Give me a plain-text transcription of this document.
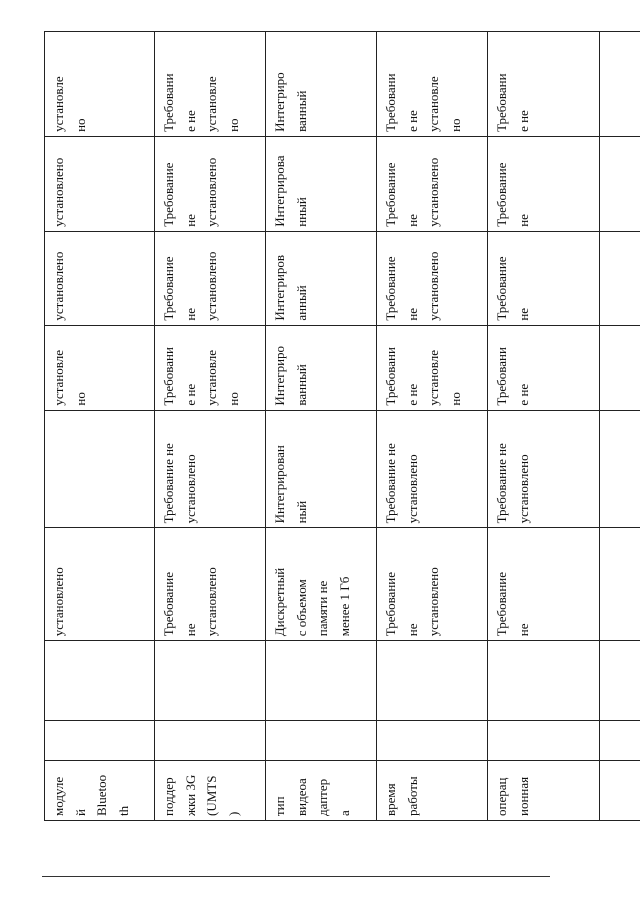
модуле й Bluetoo th			установлено		установле но	установлено	установлено	установле но
поддер жки 3G (UMTS )			Требование не установлено	Требование не установлено	Требовани е не установле но	Требование не установлено	Требование не установлено	Требовани е не установле но
тип видеоа даптер а			Дискретный с объемом памяти не менее 1 Гб	Интегрирован ный	Интегриро ванный	Интегриров анный	Интегрирова нный	Интегриро ванный
время работы			Требование не установлено	Требование не установлено	Требовани е не установле но	Требование не установлено	Требование не установлено	Требовани е не установле но
операц ионная			Требование не	Требование не установлено	Требовани е не	Требование не	Требование не	Требовани е не
